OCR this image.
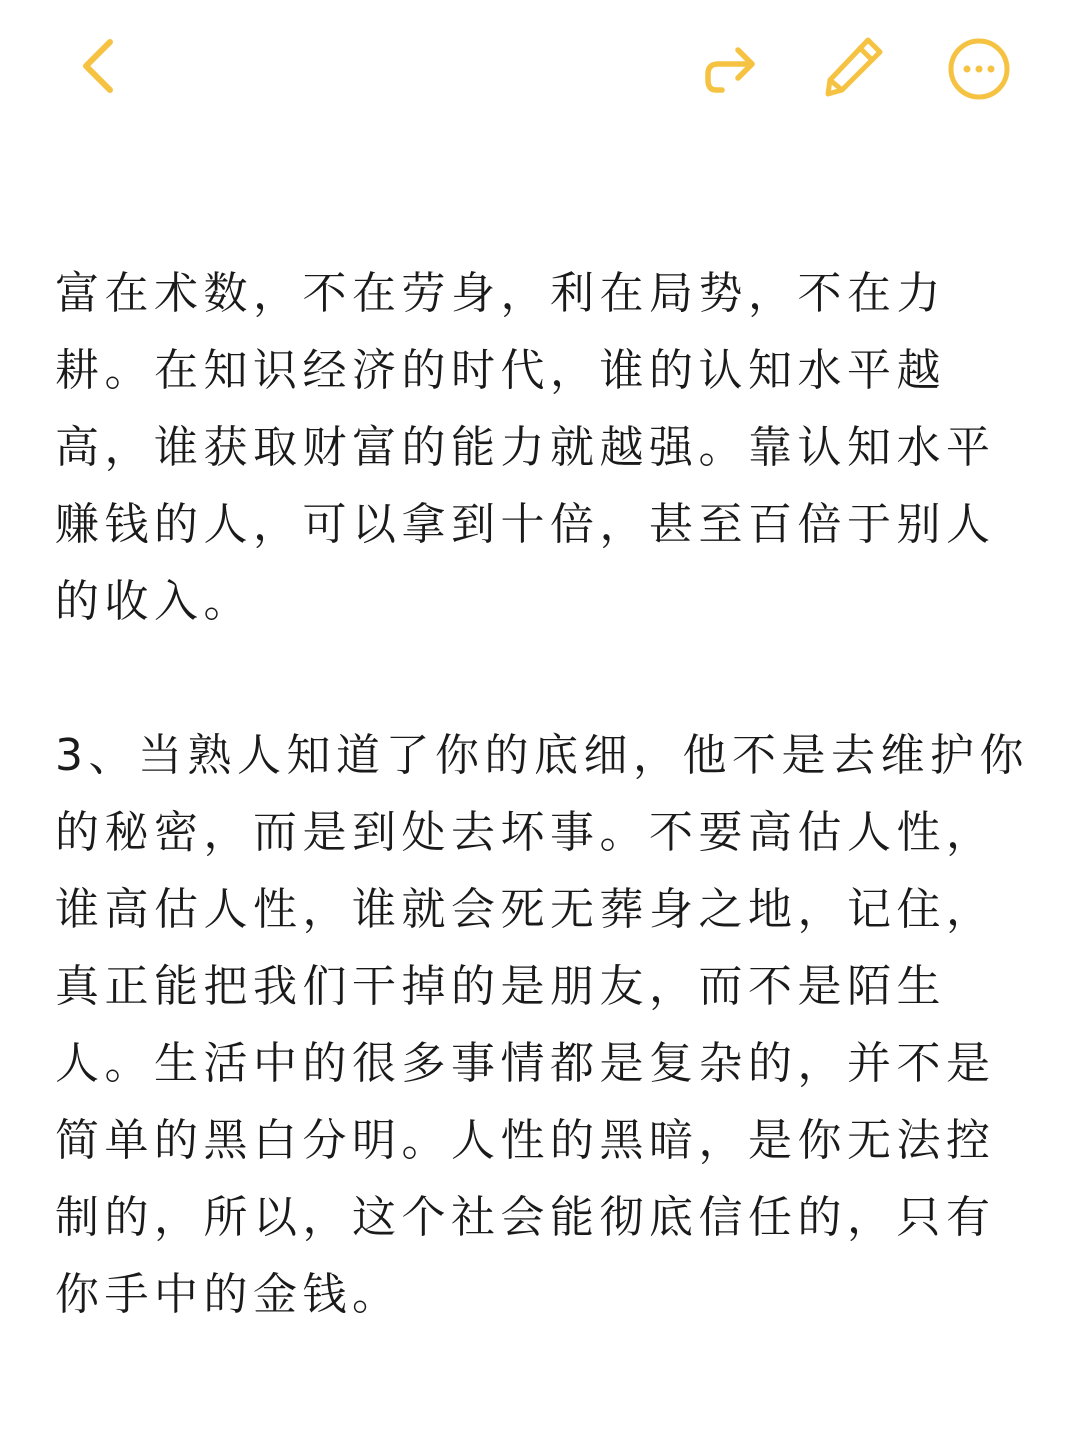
富在术数，不在劳身，利在局势，不在力
耕。在知识经济的时代，谁的认知水平越
高，谁获取财富的能力就越强。靠认知水平
赚钱的人，可以拿到十倍，甚至百倍于别人
的收入。
3、当熟人知道了你的底细，他不是去维护你
的秘密，而是到处去坏事。不要高估人性，
谁高估人性，谁就会死无葬身之地，记住，
真正能把我们干掉的是朋友，而不是陌生
人。生活中的很多事情都是复杂的，并不是
简单的黑白分明。人性的黑暗，是你无法控
制的，所以，这个社会能彻底信任的，只有
你手中的金钱。
